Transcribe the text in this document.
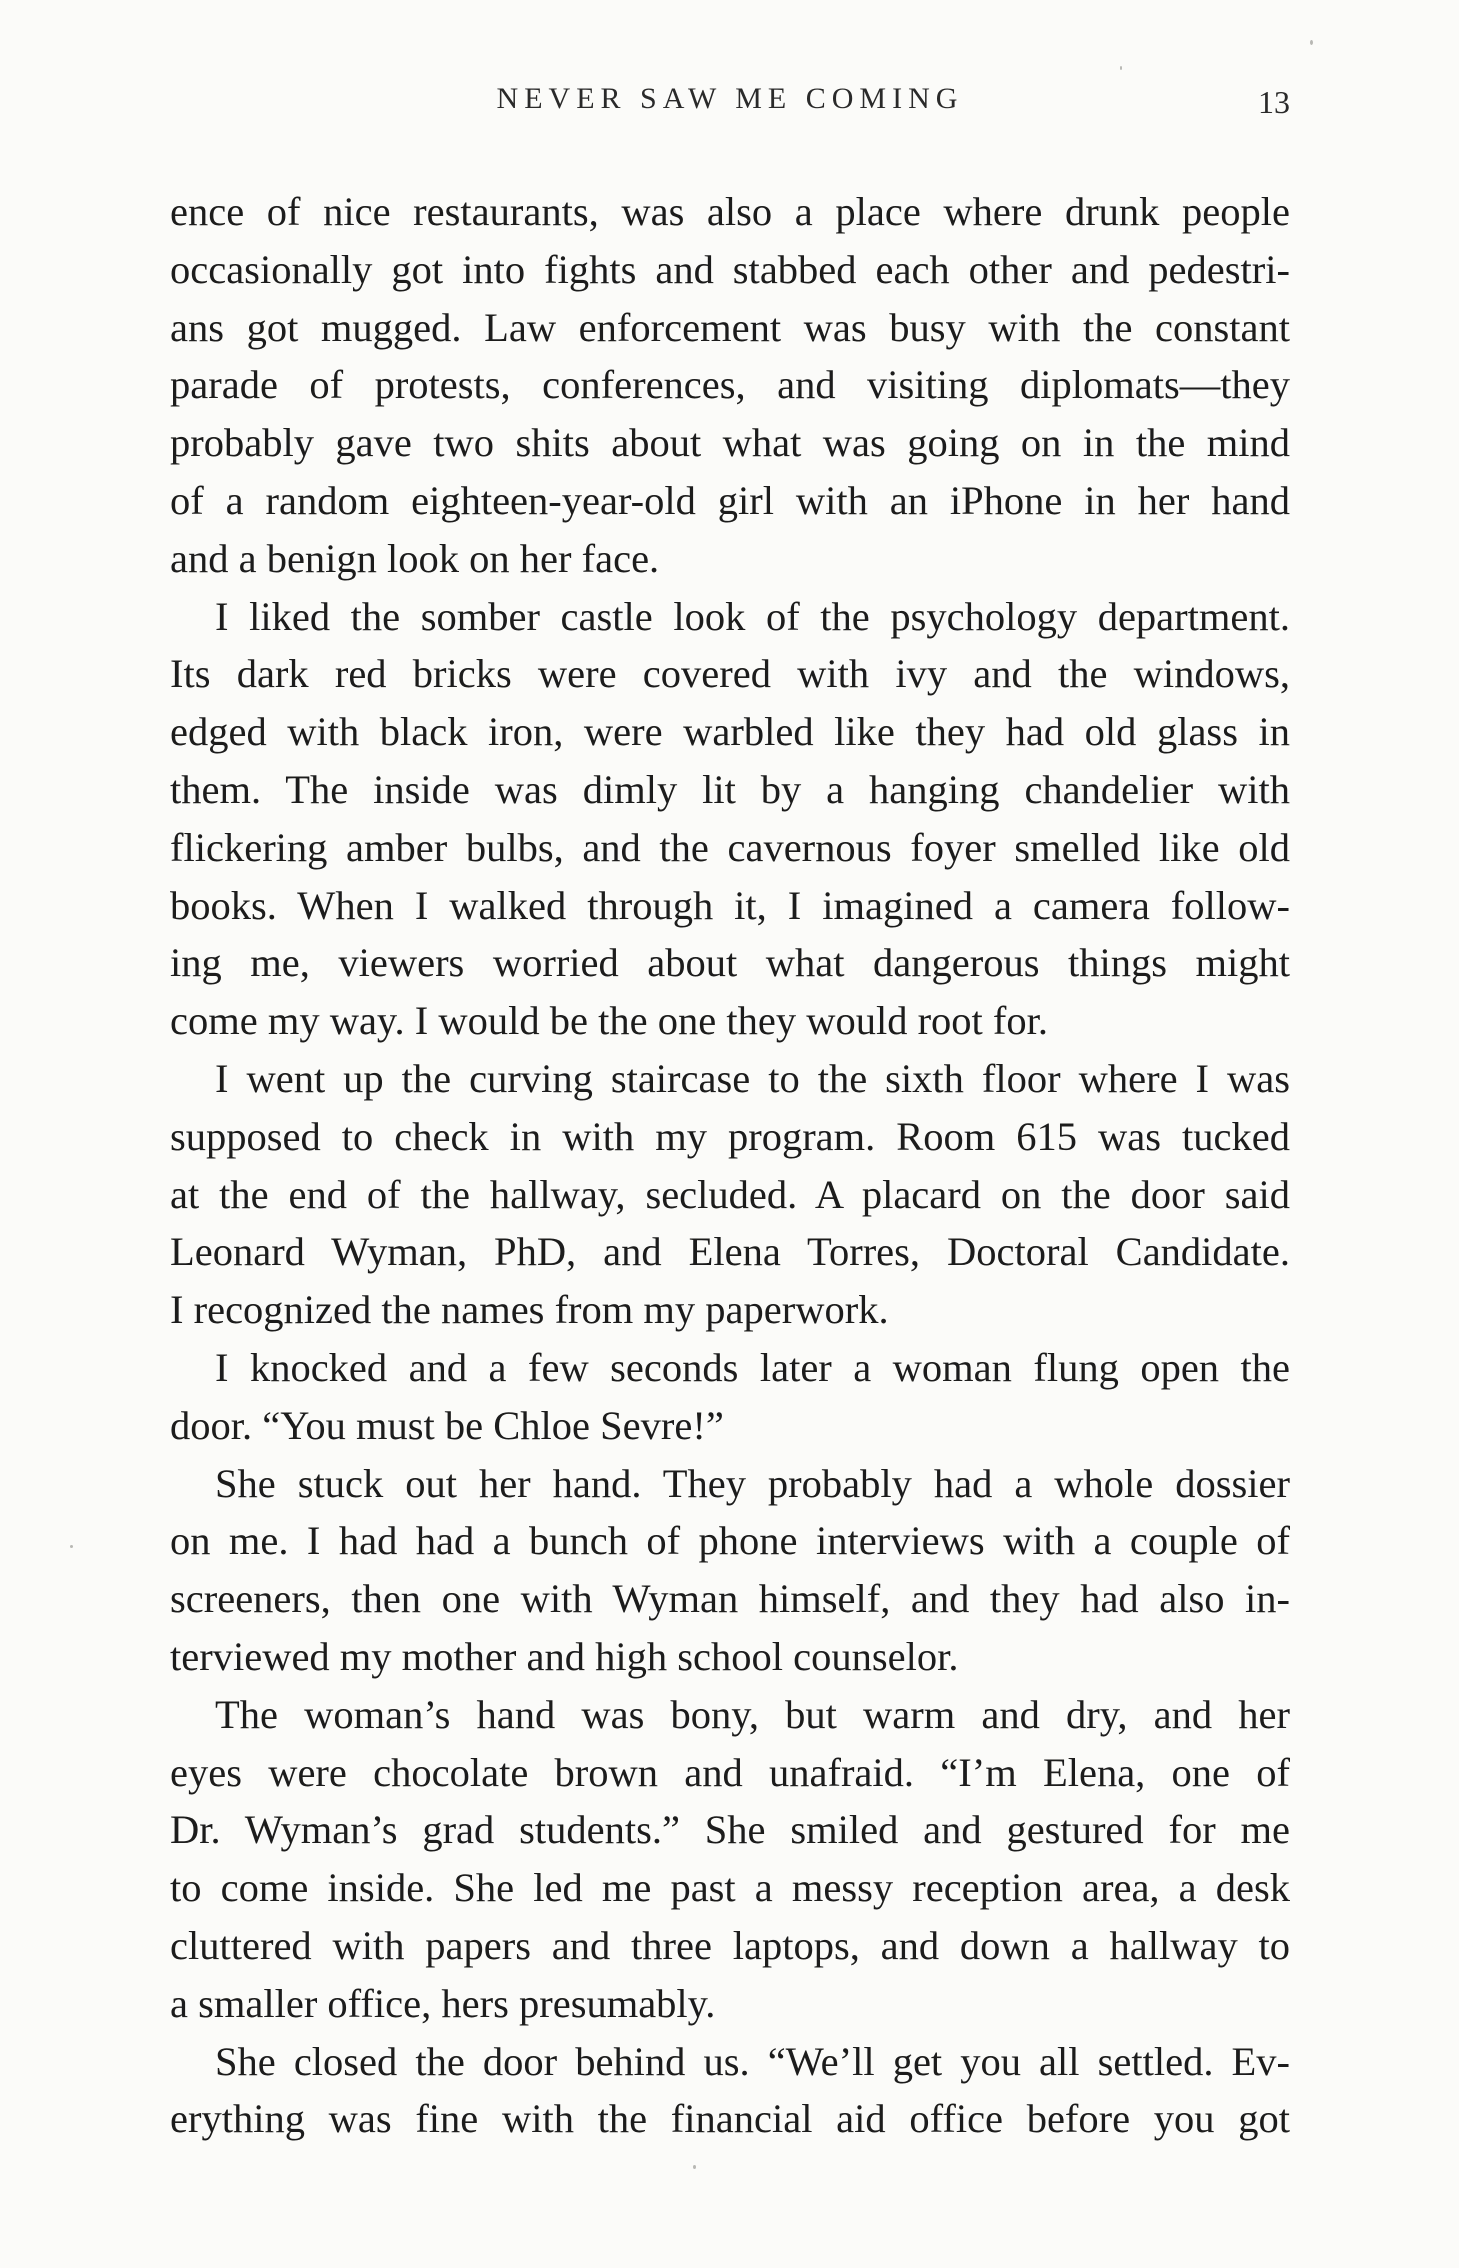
NEVER SAW ME COMING	13
ence of nice restaurants, was also a place where drunk people
occasionally got into fights and stabbed each other and pedestri-
ans got mugged. Law enforcement was busy with the constant
parade of protests, conferences, and visiting diplomats—they
probably gave two shits about what was going on in the mind
of a random eighteen-year-old girl with an iPhone in her hand
and a benign look on her face.
I liked the somber castle look of the psychology department.
Its dark red bricks were covered with ivy and the windows,
edged with black iron, were warbled like they had old glass in
them. The inside was dimly lit by a hanging chandelier with
flickering amber bulbs, and the cavernous foyer smelled like old
books. When I walked through it, I imagined a camera follow-
ing me, viewers worried about what dangerous things might
come my way. I would be the one they would root for.
I went up the curving staircase to the sixth floor where I was
supposed to check in with my program. Room 615 was tucked
at the end of the hallway, secluded. A placard on the door said
Leonard Wyman, PhD, and Elena Torres, Doctoral Candidate.
I recognized the names from my paperwork.
I knocked and a few seconds later a woman flung open the
door. “You must be Chloe Sevre!”
She stuck out her hand. They probably had a whole dossier
on me. I had had a bunch of phone interviews with a couple of
screeners, then one with Wyman himself, and they had also in-
terviewed my mother and high school counselor.
The woman’s hand was bony, but warm and dry, and her
eyes were chocolate brown and unafraid. “I’m Elena, one of
Dr. Wyman’s grad students.” She smiled and gestured for me
to come inside. She led me past a messy reception area, a desk
cluttered with papers and three laptops, and down a hallway to
a smaller office, hers presumably.
She closed the door behind us. “We’ll get you all settled. Ev-
erything was fine with the financial aid office before you got
